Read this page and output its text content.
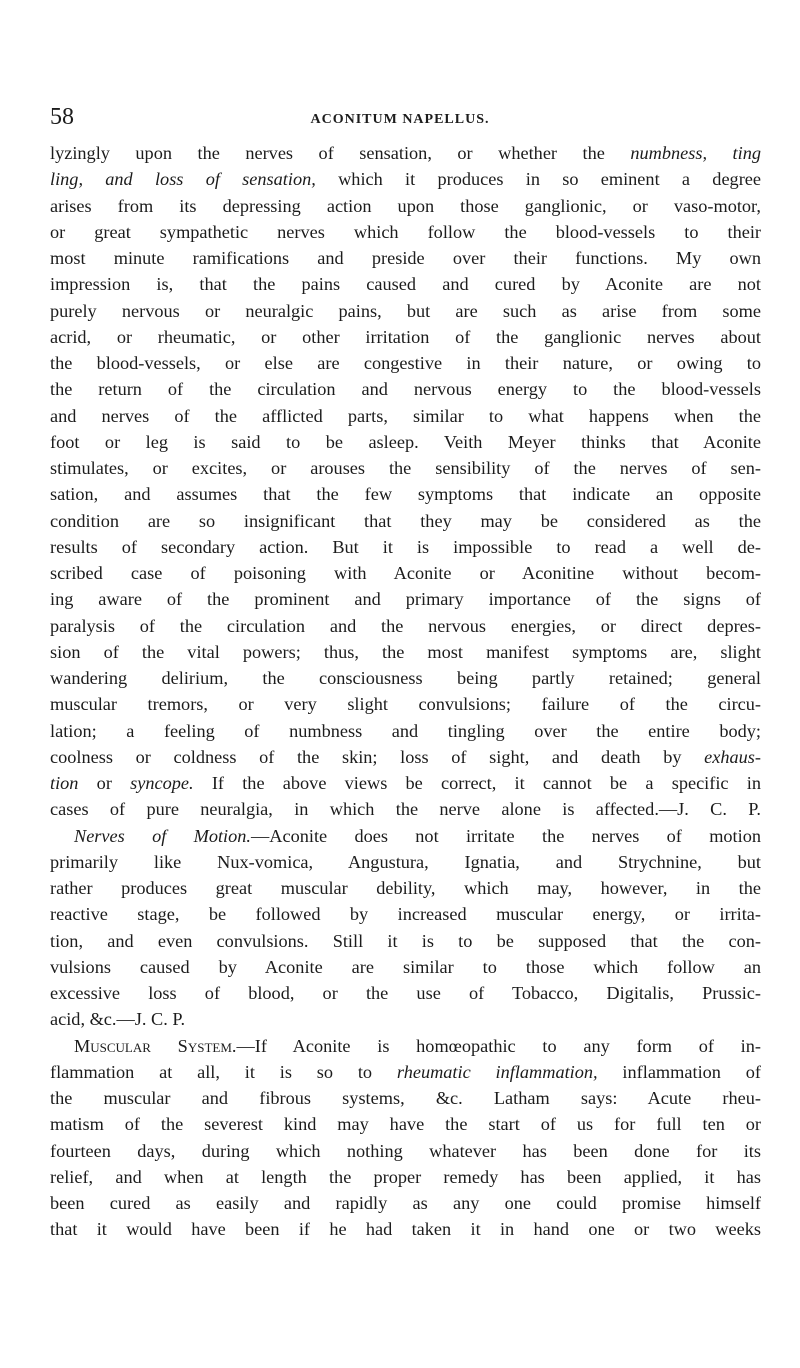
58	ACONITUM NAPELLUS.
lyzingly upon the nerves of sensation, or whether the numbness, ting
ling, and loss of sensation, which it produces in so eminent a degree
arises from its depressing action upon those ganglionic, or vaso-motor,
or great sympathetic nerves which follow the blood-vessels to their
most minute ramifications and preside over their functions. My own
impression is, that the pains caused and cured by Aconite are not
purely nervous or neuralgic pains, but are such as arise from some
acrid, or rheumatic, or other irritation of the ganglionic nerves about
the blood-vessels, or else are congestive in their nature, or owing to
the return of the circulation and nervous energy to the blood-vessels
and nerves of the afflicted parts, similar to what happens when the
foot or leg is said to be asleep. Veith Meyer thinks that Aconite
stimulates, or excites, or arouses the sensibility of the nerves of sen-
sation, and assumes that the few symptoms that indicate an opposite
condition are so insignificant that they may be considered as the
results of secondary action. But it is impossible to read a well de-
scribed case of poisoning with Aconite or Aconitine without becom-
ing aware of the prominent and primary importance of the signs of
paralysis of the circulation and the nervous energies, or direct depres-
sion of the vital powers; thus, the most manifest symptoms are, slight
wandering delirium, the consciousness being partly retained; general
muscular tremors, or very slight convulsions; failure of the circu-
lation; a feeling of numbness and tingling over the entire body;
coolness or coldness of the skin; loss of sight, and death by exhaus-
tion or syncope. If the above views be correct, it cannot be a specific in
cases of pure neuralgia, in which the nerve alone is affected.—J. C. P.
Nerves of Motion.—Aconite does not irritate the nerves of motion
primarily like Nux-vomica, Angustura, Ignatia, and Strychnine, but
rather produces great muscular debility, which may, however, in the
reactive stage, be followed by increased muscular energy, or irrita-
tion, and even convulsions. Still it is to be supposed that the con-
vulsions caused by Aconite are similar to those which follow an
excessive loss of blood, or the use of Tobacco, Digitalis, Prussic-
acid, &c.—J. C. P.
Muscular System.—If Aconite is homœopathic to any form of in-
flammation at all, it is so to rheumatic inflammation, inflammation of
the muscular and fibrous systems, &c. Latham says: Acute rheu-
matism of the severest kind may have the start of us for full ten or
fourteen days, during which nothing whatever has been done for its
relief, and when at length the proper remedy has been applied, it has
been cured as easily and rapidly as any one could promise himself
that it would have been if he had taken it in hand one or two weeks
